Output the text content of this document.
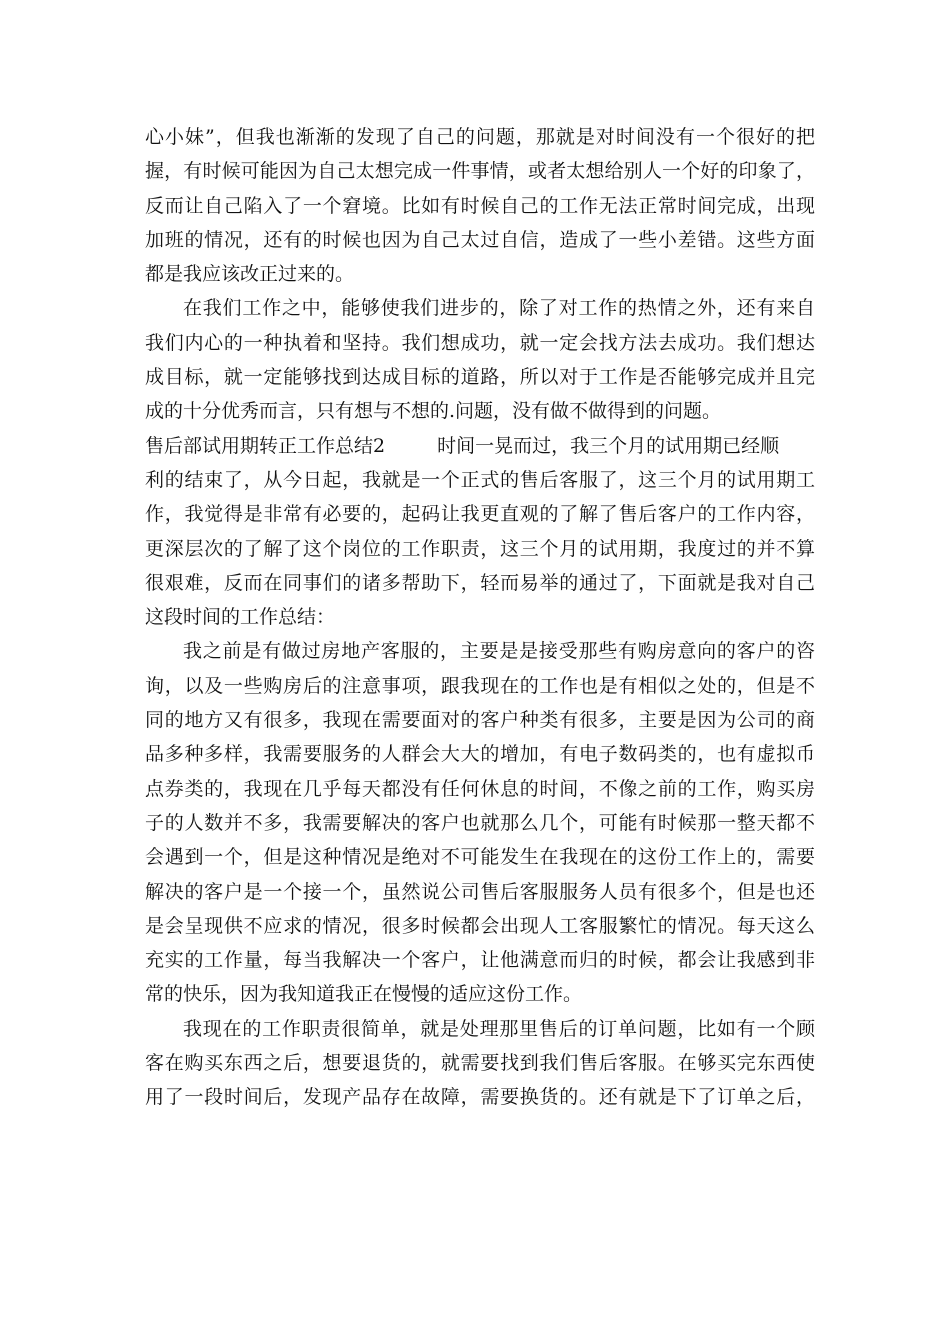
心小妹”，但我也渐渐的发现了自己的问题，那就是对时间没有一个很好的把
握，有时候可能因为自己太想完成一件事情，或者太想给别人一个好的印象了，
反而让自己陷入了一个窘境。比如有时候自己的工作无法正常时间完成，出现
加班的情况，还有的时候也因为自己太过自信，造成了一些小差错。这些方面
都是我应该改正过来的。
在我们工作之中，能够使我们进步的，除了对工作的热情之外，还有来自
我们内心的一种执着和坚持。我们想成功，就一定会找方法去成功。我们想达
成目标，就一定能够找到达成目标的道路，所以对于工作是否能够完成并且完
成的十分优秀而言，只有想与不想的.问题，没有做不做得到的问题。
售后部试用期转正工作总结2	时间一晃而过，我三个月的试用期已经顺
利的结束了，从今日起，我就是一个正式的售后客服了，这三个月的试用期工
作，我觉得是非常有必要的，起码让我更直观的了解了售后客户的工作内容，
更深层次的了解了这个岗位的工作职责，这三个月的试用期，我度过的并不算
很艰难，反而在同事们的诸多帮助下，轻而易举的通过了，下面就是我对自己
这段时间的工作总结：
我之前是有做过房地产客服的，主要是是接受那些有购房意向的客户的咨
询，以及一些购房后的注意事项，跟我现在的工作也是有相似之处的，但是不
同的地方又有很多，我现在需要面对的客户种类有很多，主要是因为公司的商
品多种多样，我需要服务的人群会大大的增加，有电子数码类的，也有虚拟币
点券类的，我现在几乎每天都没有任何休息的时间，不像之前的工作，购买房
子的人数并不多，我需要解决的客户也就那么几个，可能有时候那一整天都不
会遇到一个，但是这种情况是绝对不可能发生在我现在的这份工作上的，需要
解决的客户是一个接一个，虽然说公司售后客服服务人员有很多个，但是也还
是会呈现供不应求的情况，很多时候都会出现人工客服繁忙的情况。每天这么
充实的工作量，每当我解决一个客户，让他满意而归的时候，都会让我感到非
常的快乐，因为我知道我正在慢慢的适应这份工作。
我现在的工作职责很简单，就是处理那里售后的订单问题，比如有一个顾
客在购买东西之后，想要退货的，就需要找到我们售后客服。在够买完东西使
用了一段时间后，发现产品存在故障，需要换货的。还有就是下了订单之后，
